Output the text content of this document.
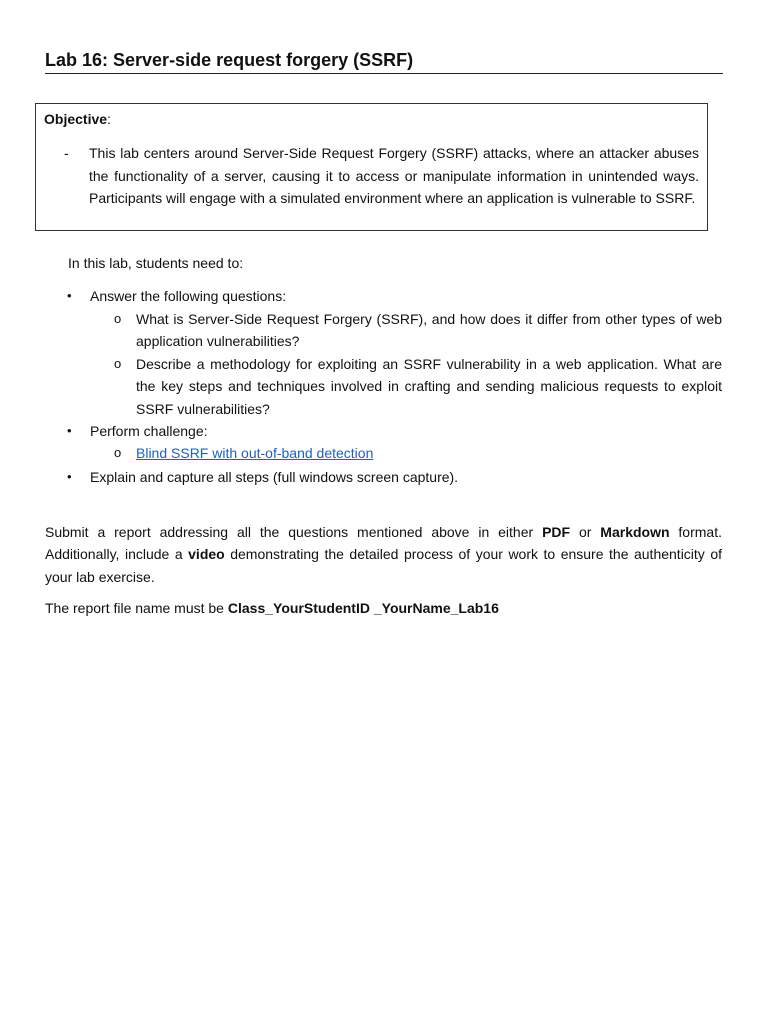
Lab 16: Server-side request forgery (SSRF)
Objective:
- This lab centers around Server-Side Request Forgery (SSRF) attacks, where an attacker abuses the functionality of a server, causing it to access or manipulate information in unintended ways. Participants will engage with a simulated environment where an application is vulnerable to SSRF.
In this lab, students need to:
• Answer the following questions:
o What is Server-Side Request Forgery (SSRF), and how does it differ from other types of web application vulnerabilities?
o Describe a methodology for exploiting an SSRF vulnerability in a web application. What are the key steps and techniques involved in crafting and sending malicious requests to exploit SSRF vulnerabilities?
• Perform challenge:
o Blind SSRF with out-of-band detection
• Explain and capture all steps (full windows screen capture).
Submit a report addressing all the questions mentioned above in either PDF or Markdown format. Additionally, include a video demonstrating the detailed process of your work to ensure the authenticity of your lab exercise.
The report file name must be Class_YourStudentID _YourName_Lab16
